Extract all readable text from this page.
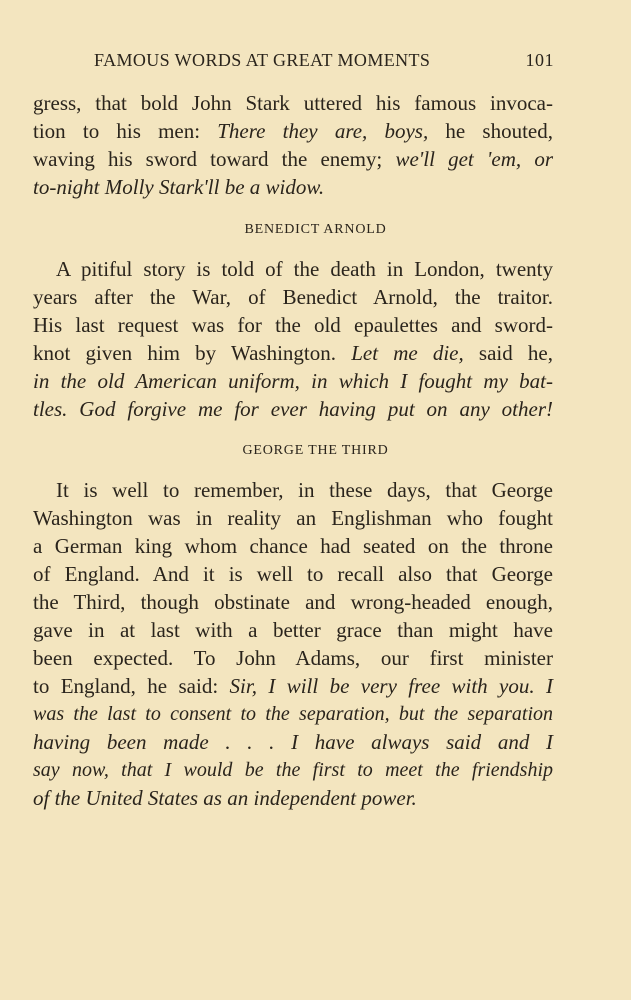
FAMOUS WORDS AT GREAT MOMENTS	101
gress, that bold John Stark uttered his famous invoca-
tion to his men: There they are, boys, he shouted,
waving his sword toward the enemy; we'll get 'em, or
to-night Molly Stark'll be a widow.
BENEDICT ARNOLD
A pitiful story is told of the death in London, twenty
years after the War, of Benedict Arnold, the traitor.
His last request was for the old epaulettes and sword-
knot given him by Washington. Let me die, said he,
in the old American uniform, in which I fought my bat-
tles. God forgive me for ever having put on any other!
GEORGE THE THIRD
It is well to remember, in these days, that George
Washington was in reality an Englishman who fought
a German king whom chance had seated on the throne
of England. And it is well to recall also that George
the Third, though obstinate and wrong-headed enough,
gave in at last with a better grace than might have
been expected. To John Adams, our first minister
to England, he said: Sir, I will be very free with you. I
was the last to consent to the separation, but the separation
having been made . . . I have always said and I
say now, that I would be the first to meet the friendship
of the United States as an independent power.
